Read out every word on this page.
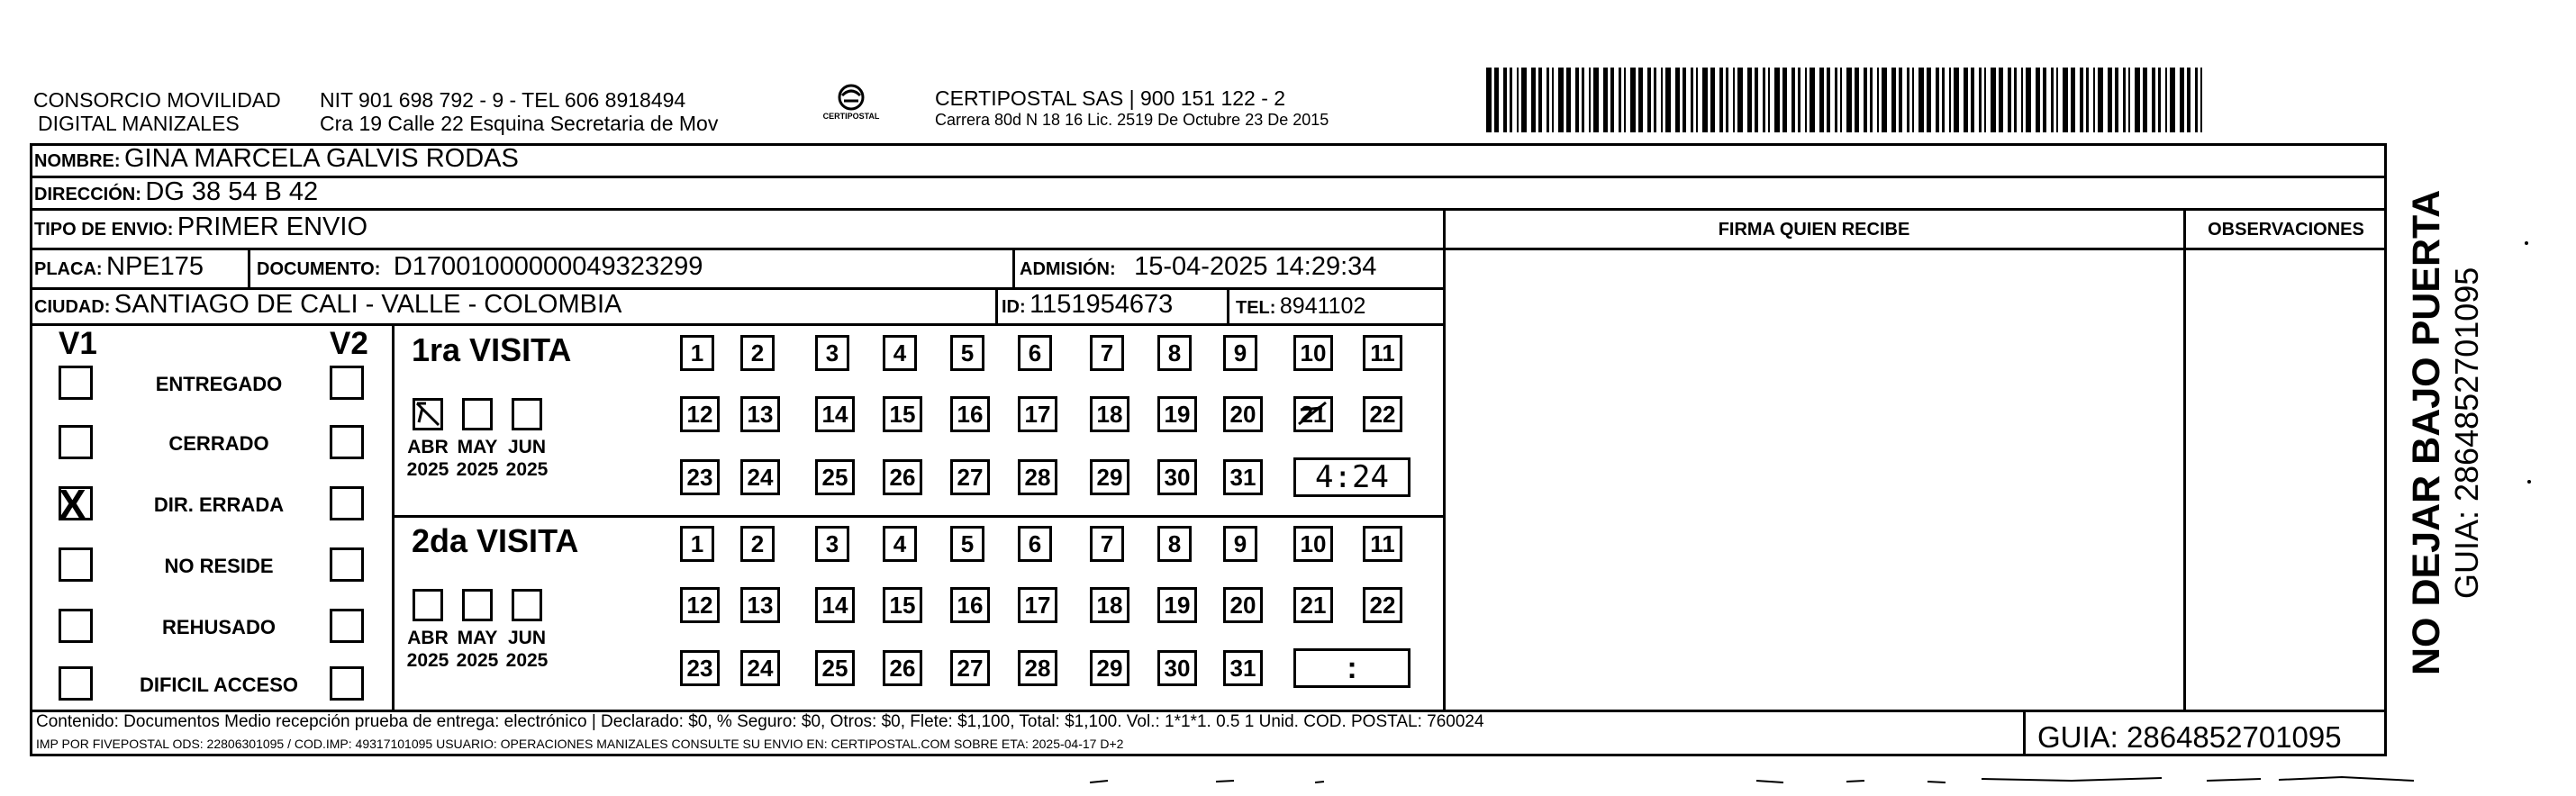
CONSORCIO MOVILIDAD
DIGITAL MANIZALES
NIT 901 698 792 - 9 - TEL 606 8918494
Cra 19 Calle 22 Esquina Secretaria de Mov	CERTIPOSTAL
CERTIPOSTAL SAS | 900 151 122 - 2
Carrera 80d N 18 16 Lic. 2519 De Octubre 23 De 2015
NOMBRE: GINA MARCELA GALVIS RODAS
DIRECCIÓN: DG 38 54 B 42
TIPO DE ENVIO: PRIMER ENVIO	FIRMA QUIEN RECIBE	OBSERVACIONES
PLACA: NPE175	DOCUMENTO: D17001000000049323299	ADMISIÓN: 15-04-2025 14:29:34
CIUDAD: SANTIAGO DE CALI - VALLE - COLOMBIA	ID: 1151954673	TEL: 8941102
V1	V2
ENTREGADO
CERRADO
X	DIR. ERRADA
NO RESIDE
REHUSADO
DIFICIL ACCESO
1ra VISITA
2da VISITA
ABR
2025
MAY
2025
JUN
2025
1	2	3	4	5	6	7	8	9	10	11
12 13 14 15 16 17 18 19 20 21 22
23 24 25 26 27 28 29 30 31	4:24
ABR
2025
MAY
2025
JUN
2025
1	2	3	4	5	6	7	8	9	10	11
12 13 14 15 16 17 18 19 20 21 22
23 24 25 26 27 28 29 30 31	:
Contenido: Documentos Medio recepción prueba de entrega: electrónico | Declarado: $0, % Seguro: $0, Otros: $0, Flete: $1,100, Total: $1,100. Vol.: 1*1*1. 0.5 1 Unid. COD. POSTAL: 760024
IMP POR FIVEPOSTAL ODS: 22806301095 / COD.IMP: 49317101095 USUARIO: OPERACIONES MANIZALES CONSULTE SU ENVIO EN: CERTIPOSTAL.COM SOBRE ETA: 2025-04-17 D+2	GUIA: 2864852701095
NO DEJAR BAJO PUERTA GUIA: 2864852701095
